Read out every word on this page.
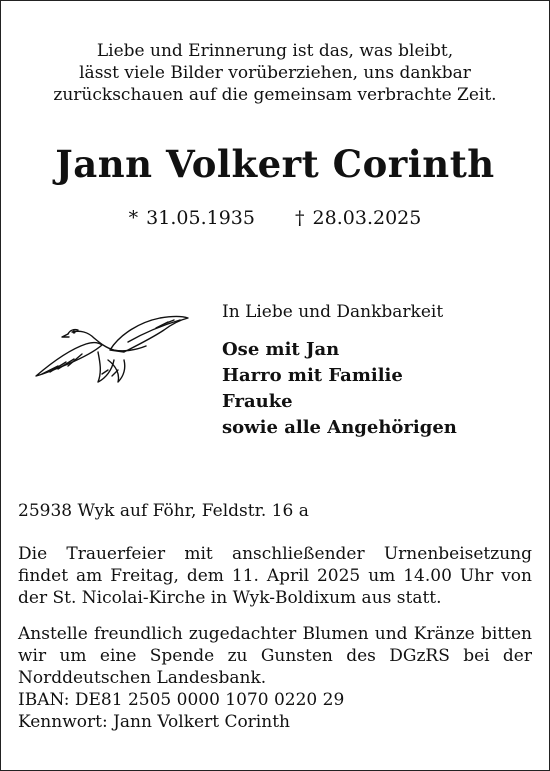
Liebe und Erinnerung ist das, was bleibt,
lässt viele Bilder vorüberziehen, uns dankbar
zurückschauen auf die gemeinsam verbrachte Zeit.
Jann Volkert Corinth
* 31.05.1935 † 28.03.2025
In Liebe und Dankbarkeit
Ose mit Jan
Harro mit Familie
Frauke
sowie alle Angehörigen
25938 Wyk auf Föhr, Feldstr. 16 a
Die Trauerfeier mit anschließender Urnenbeisetzung findet am Freitag, dem 11. April 2025 um 14.00 Uhr von der St. Nicolai-Kirche in Wyk-Boldixum aus statt.
Anstelle freundlich zugedachter Blumen und Kränze bitten wir um eine Spende zu Gunsten des DGzRS bei der Norddeutschen Landesbank.
IBAN: DE81 2505 0000 1070 0220 29
Kennwort: Jann Volkert Corinth
